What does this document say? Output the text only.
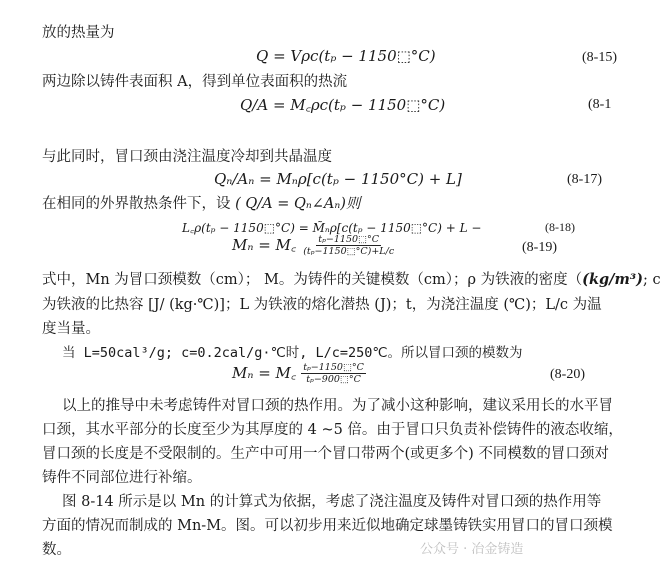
放的热量为
Q = V𝜌c(tₚ − 1150⬚°C)	(8-15)
两边除以铸件表面积 A，得到单位表面积的热流
Q/A = M꜀𝜌c(tₚ − 1150⬚°C)	(8-1
与此同时，冒口颈由浇注温度冷却到共晶温度
Qₙ/Aₙ = Mₙ𝜌[c(tₚ − 1150°C) + L]	(8-17)
在相同的外界散热条件下，设 ( Q/A = Qₙ∠Aₙ)则
L꜀𝜌(tₚ − 1150⬚°C) = M̃ₙ𝜌[c(tₚ − 1150⬚°C) + L −	(8-18)
Mₙ = M꜀ $\frac{\text{tₚ−1150⬚°C}}{\text{(tₚ−1150⬚°C)+L/c}}$	(8-19)
式中，Mn 为冒口颈模数（cm）； M。为铸件的关键模数（cm）；ρ 为铁液的密度（(kg/m³); c
为铁液的比热容 [J/ (kg·℃)]；L 为铁液的熔化潜热 (J)；t，为浇注温度 (℃)；L/c 为温
度当量。
当 L=50cal³/g; c=0.2cal/g·℃时, L/c=250℃。所以冒口颈的模数为
Mₙ = M꜀ $\frac{\text{tₚ−1150⬚°C}}{\text{tₚ−900⬚°C}}$	(8-20)
以上的推导中未考虑铸件对冒口颈的热作用。为了减小这种影响，建议采用长的水平冒
口颈，其水平部分的长度至少为其厚度的 4 ~5 倍。由于冒口只负责补偿铸件的液态收缩，
冒口颈的长度是不受限制的。生产中可用一个冒口带两个(或更多个) 不同模数的冒口颈对
铸件不同部位进行补缩。
图 8-14 所示是以 Mn 的计算式为依据，考虑了浇注温度及铸件对冒口颈的热作用等
方面的情况而制成的 Mn-M。图。可以初步用来近似地确定球墨铸铁实用冒口的冒口颈模
数。	公众号 · 冶金铸造
